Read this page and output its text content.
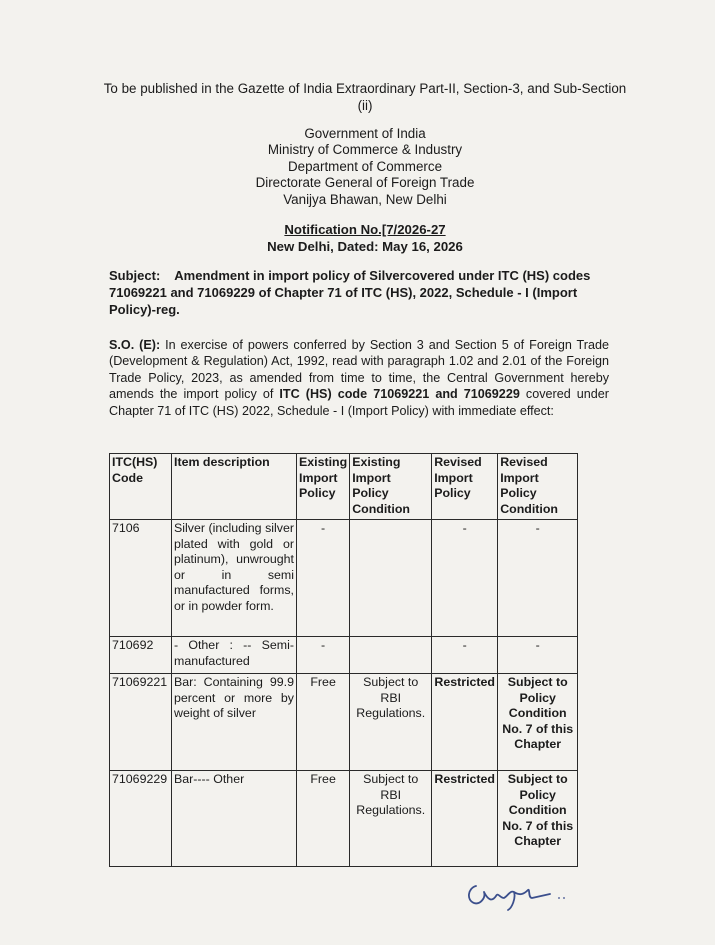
To be published in the Gazette of India Extraordinary Part-II, Section-3, and Sub-Section (ii)
Government of India
Ministry of Commerce & Industry
Department of Commerce
Directorate General of Foreign Trade
Vanijya Bhawan, New Delhi
Notification No.[7/2026-27
New Delhi, Dated: May 16, 2026
Subject: Amendment in import policy of Silvercovered under ITC (HS) codes 71069221 and 71069229 of Chapter 71 of ITC (HS), 2022, Schedule - I (Import Policy)-reg.
S.O. (E): In exercise of powers conferred by Section 3 and Section 5 of Foreign Trade (Development & Regulation) Act, 1992, read with paragraph 1.02 and 2.01 of the Foreign Trade Policy, 2023, as amended from time to time, the Central Government hereby amends the import policy of ITC (HS) code 71069221 and 71069229 covered under Chapter 71 of ITC (HS) 2022, Schedule - I (Import Policy) with immediate effect:
ITC(HS) Code	Item description	Existing Import Policy	Existing Import Policy Condition	Revised Import Policy	Revised Import Policy Condition
7106	Silver (including silver plated with gold or platinum), unwrought or in semi manufactured forms, or in powder form.	-		-	-
710692	- Other : -- Semi-manufactured	-		-	-
71069221	Bar: Containing 99.9 percent or more by weight of silver	Free	Subject to RBI Regulations.	Restricted	Subject to Policy Condition No. 7 of this Chapter
71069229	Bar---- Other	Free	Subject to RBI Regulations.	Restricted	Subject to Policy Condition No. 7 of this Chapter
